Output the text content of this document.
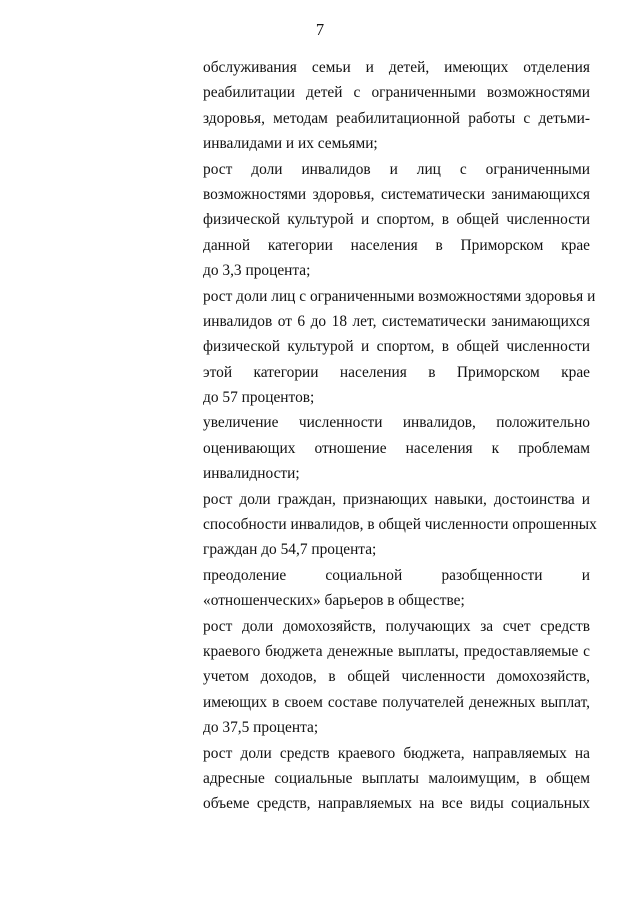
7
обслуживания семьи и детей, имеющих отделения
реабилитации детей с ограниченными возможностями
здоровья, методам реабилитационной работы с детьми-
инвалидами и их семьями;
рост доли инвалидов и лиц с ограниченными
возможностями здоровья, систематически занимающихся
физической культурой и спортом, в общей численности
данной категории населения в Приморском крае
до 3,3 процента;
рост доли лиц с ограниченными возможностями здоровья и
инвалидов от 6 до 18 лет, систематически занимающихся
физической культурой и спортом, в общей численности
этой категории населения в Приморском крае
до 57 процентов;
увеличение численности инвалидов, положительно
оценивающих отношение населения к проблемам
инвалидности;
рост доли граждан, признающих навыки, достоинства и
способности инвалидов, в общей численности опрошенных
граждан до 54,7 процента;
преодоление социальной разобщенности и
«отношенческих» барьеров в обществе;
рост доли домохозяйств, получающих за счет средств
краевого бюджета денежные выплаты, предоставляемые с
учетом доходов, в общей численности домохозяйств,
имеющих в своем составе получателей денежных выплат,
до 37,5 процента;
рост доли средств краевого бюджета, направляемых на
адресные социальные выплаты малоимущим, в общем
объеме средств, направляемых на все виды социальных
